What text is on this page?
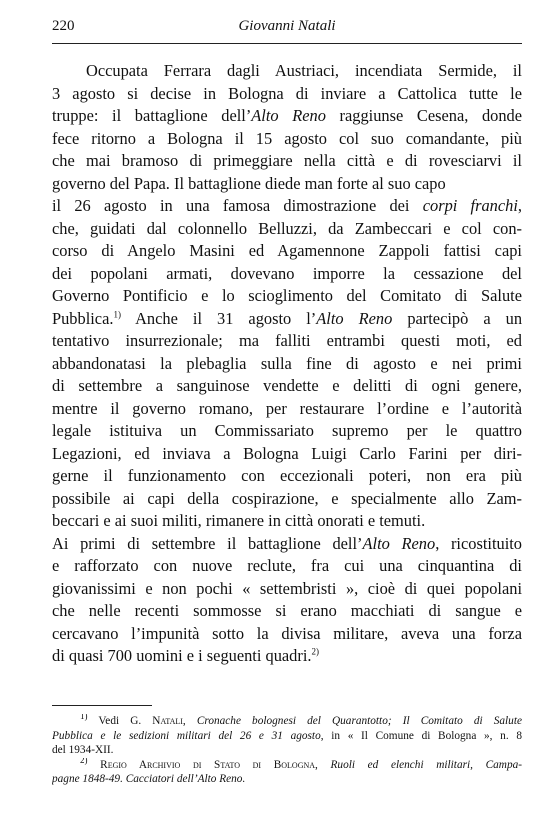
220	Giovanni Natali
Occupata Ferrara dagli Austriaci, incendiata Sermide, il
3 agosto si decise in Bologna di inviare a Cattolica tutte le
truppe: il battaglione dell’Alto Reno raggiunse Cesena, donde
fece ritorno a Bologna il 15 agosto col suo comandante, più
che mai bramoso di primeggiare nella città e di rovesciarvi il
governo del Papa. Il battaglione diede man forte al suo capo
il 26 agosto in una famosa dimostrazione dei corpi franchi,
che, guidati dal colonnello Belluzzi, da Zambeccari e col con-
corso di Angelo Masini ed Agamennone Zappoli fattisi capi
dei popolani armati, dovevano imporre la cessazione del
Governo Pontificio e lo scioglimento del Comitato di Salute
Pubblica.$^{1)}$ Anche il 31 agosto l’Alto Reno partecipò a un
tentativo insurrezionale; ma falliti entrambi questi moti, ed
abbandonatasi la plebaglia sulla fine di agosto e nei primi
di settembre a sanguinose vendette e delitti di ogni genere,
mentre il governo romano, per restaurare l’ordine e l’autorità
legale istituiva un Commissariato supremo per le quattro
Legazioni, ed inviava a Bologna Luigi Carlo Farini per diri-
gerne il funzionamento con eccezionali poteri, non era più
possibile ai capi della cospirazione, e specialmente allo Zam-
beccari e ai suoi militi, rimanere in città onorati e temuti.
Ai primi di settembre il battaglione dell’Alto Reno, ricostituito
e rafforzato con nuove reclute, fra cui una cinquantina di
giovanissimi e non pochi « settembristi », cioè di quei popolani
che nelle recenti sommosse si erano macchiati di sangue e
cercavano l’impunità sotto la divisa militare, aveva una forza
di quasi 700 uomini e i seguenti quadri.$^{2)}$
$^{1)}$ Vedi G. Natali, Cronache bolognesi del Quarantotto; Il Comitato di Salute
Pubblica e le sedizioni militari del 26 e 31 agosto, in « Il Comune di Bologna », n. 8
del 1934-XII.
$^{2)}$ Regio Archivio di Stato di Bologna, Ruoli ed elenchi militari, Campa-
pagne 1848-49. Cacciatori dell’Alto Reno.
